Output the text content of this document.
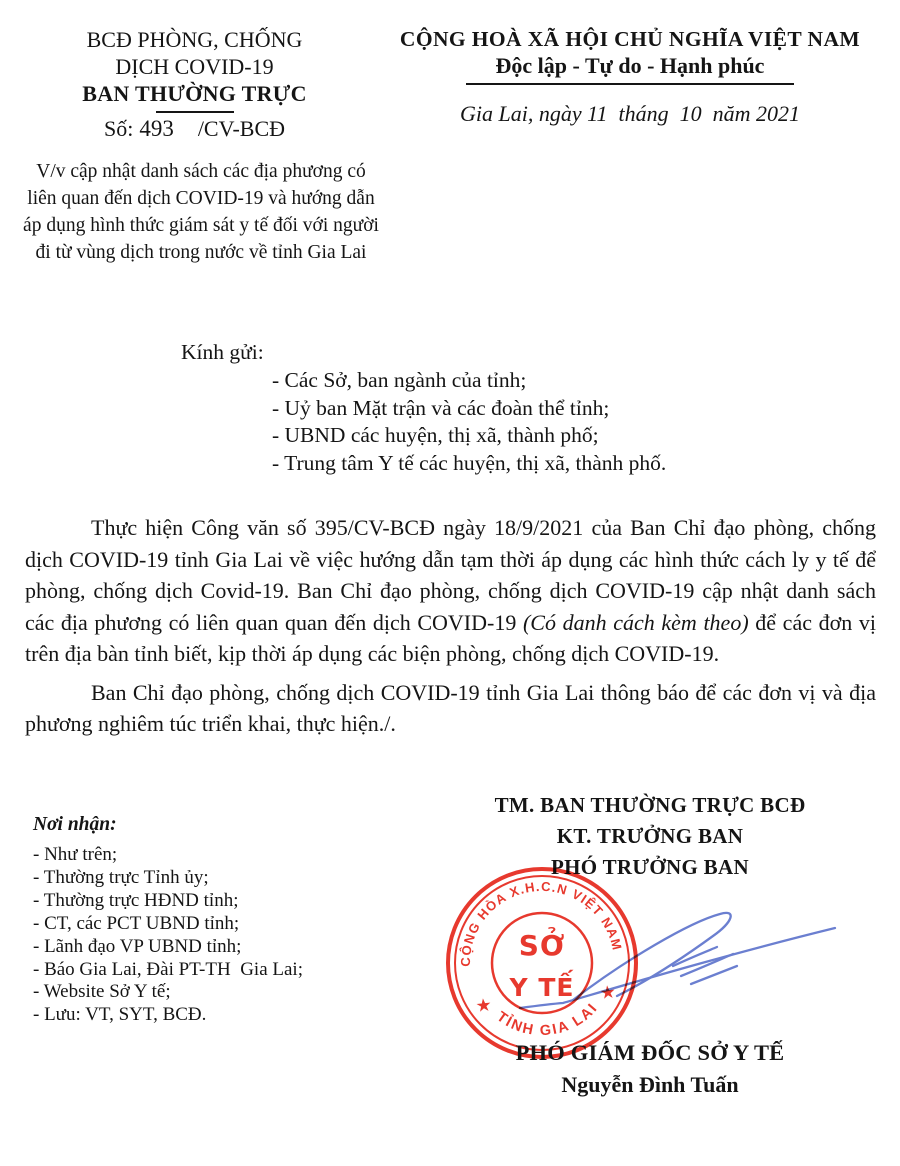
BCĐ PHÒNG, CHỐNG
DỊCH COVID-19
BAN THƯỜNG TRỰC
Số: 493 /CV-BCĐ
CỘNG HOÀ XÃ HỘI CHỦ NGHĨA VIỆT NAM
Độc lập - Tự do - Hạnh phúc
Gia Lai, ngày 11  tháng  10  năm 2021
V/v cập nhật danh sách các địa phương có liên quan đến dịch COVID-19 và hướng dẫn áp dụng hình thức giám sát y tế đối với người đi từ vùng dịch trong nước về tỉnh Gia Lai
Kính gửi:
- Các Sở, ban ngành của tỉnh;
- Uỷ ban Mặt trận và các đoàn thể tỉnh;
- UBND các huyện, thị xã, thành phố;
- Trung tâm Y tế các huyện, thị xã, thành phố.

Thực hiện Công văn số 395/CV-BCĐ ngày 18/9/2021 của Ban Chỉ đạo phòng, chống dịch COVID-19 tỉnh Gia Lai về việc hướng dẫn tạm thời áp dụng các hình thức cách ly y tế để phòng, chống dịch Covid-19. Ban Chỉ đạo phòng, chống dịch COVID-19 cập nhật danh sách các địa phương có liên quan quan đến dịch COVID-19 (Có danh cách kèm theo) để các đơn vị trên địa bàn tỉnh biết, kịp thời áp dụng các biện phòng, chống dịch COVID-19.

Ban Chỉ đạo phòng, chống dịch COVID-19 tỉnh Gia Lai thông báo để các đơn vị và địa phương nghiêm túc triển khai, thực hiện./.

TM. BAN THƯỜNG TRỰC BCĐ
KT. TRƯỞNG BAN
PHÓ TRƯỞNG BAN
Nơi nhận:
- Như trên;
- Thường trực Tỉnh ủy;
- Thường trực HĐND tỉnh;
- CT, các PCT UBND tỉnh;
- Lãnh đạo VP UBND tỉnh;
- Báo Gia Lai, Đài PT-TH  Gia Lai;
- Website Sở Y tế;
- Lưu: VT, SYT, BCĐ.
CỘNG HÒA X.H.C.N VIỆT NAM
TỈNH GIA LAI
★
★
SỞ
Y TẾ
PHÓ GIÁM ĐỐC SỞ Y TẾ
Nguyễn Đình Tuấn
